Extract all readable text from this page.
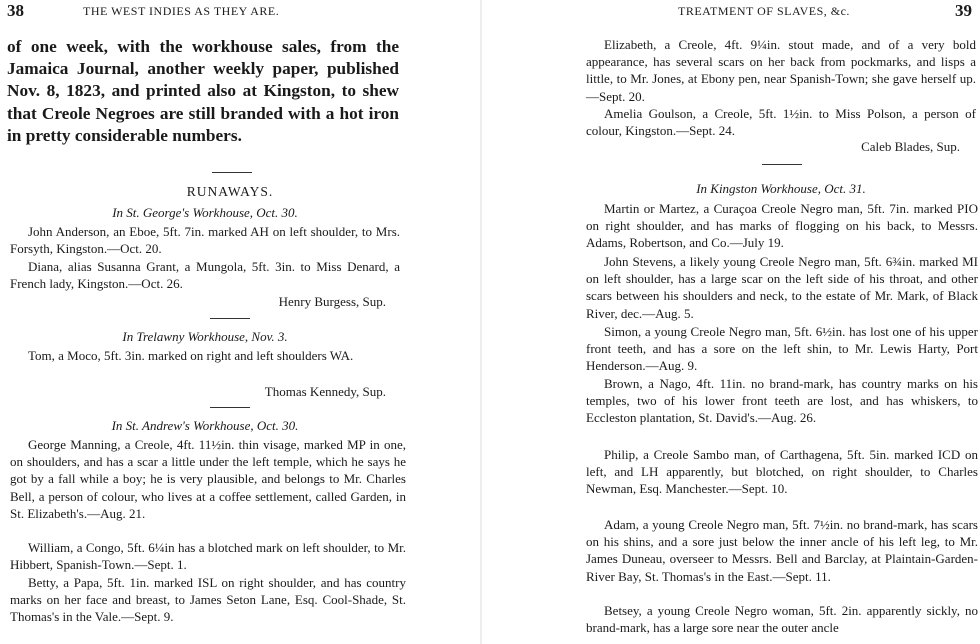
38	THE WEST INDIES AS THEY ARE.
of one week, with the workhouse sales, from the Jamaica Journal, another weekly paper, published Nov. 8, 1823, and printed also at Kingston, to shew that Creole Negroes are still branded with a hot iron in pretty considerable numbers.
RUNAWAYS.
In St. George's Workhouse, Oct. 30.
John Anderson, an Eboe, 5ft. 7in. marked AH on left shoulder, to Mrs. Forsyth, Kingston.—Oct. 20.
Diana, alias Susanna Grant, a Mungola, 5ft. 3in. to Miss Denard, a French lady, Kingston.—Oct. 26.
Henry Burgess, Sup.
In Trelawny Workhouse, Nov. 3.
Tom, a Moco, 5ft. 3in. marked on right and left shoulders WA.
Thomas Kennedy, Sup.
In St. Andrew's Workhouse, Oct. 30.
George Manning, a Creole, 4ft. 11½in. thin visage, marked MP in one, on shoulders, and has a scar a little under the left temple, which he says he got by a fall while a boy; he is very plausible, and belongs to Mr. Charles Bell, a person of colour, who lives at a coffee settlement, called Garden, in St. Elizabeth's.—Aug. 21.
William, a Congo, 5ft. 6¼in has a blotched mark on left shoulder, to Mr. Hibbert, Spanish-Town.—Sept. 1.
Betty, a Papa, 5ft. 1in. marked ISL on right shoulder, and has country marks on her face and breast, to James Seton Lane, Esq. Cool-Shade, St. Thomas's in the Vale.—Sept. 9.
TREATMENT OF SLAVES, &c.	39
Elizabeth, a Creole, 4ft. 9¼in. stout made, and of a very bold appearance, has several scars on her back from pockmarks, and lisps a little, to Mr. Jones, at Ebony pen, near Spanish-Town; she gave herself up.—Sept. 20.
Amelia Goulson, a Creole, 5ft. 1½in. to Miss Polson, a person of colour, Kingston.—Sept. 24.
Caleb Blades, Sup.
In Kingston Workhouse, Oct. 31.
Martin or Martez, a Curaçoa Creole Negro man, 5ft. 7in. marked PIO on right shoulder, and has marks of flogging on his back, to Messrs. Adams, Robertson, and Co.—July 19.
John Stevens, a likely young Creole Negro man, 5ft. 6¾in. marked MI on left shoulder, has a large scar on the left side of his throat, and other scars between his shoulders and neck, to the estate of Mr. Mark, of Black River, dec.—Aug. 5.
Simon, a young Creole Negro man, 5ft. 6½in. has lost one of his upper front teeth, and has a sore on the left shin, to Mr. Lewis Harty, Port Henderson.—Aug. 9.
Brown, a Nago, 4ft. 11in. no brand-mark, has country marks on his temples, two of his lower front teeth are lost, and has whiskers, to Eccleston plantation, St. David's.—Aug. 26.
Philip, a Creole Sambo man, of Carthagena, 5ft. 5in. marked ICD on left, and LH apparently, but blotched, on right shoulder, to Charles Newman, Esq. Manchester.—Sept. 10.
Adam, a young Creole Negro man, 5ft. 7½in. no brand-mark, has scars on his shins, and a sore just below the inner ancle of his left leg, to Mr. James Duneau, overseer to Messrs. Bell and Barclay, at Plaintain-Garden-River Bay, St. Thomas's in the East.—Sept. 11.
Betsey, a young Creole Negro woman, 5ft. 2in. apparently sickly, no brand-mark, has a large sore near the outer ancle
